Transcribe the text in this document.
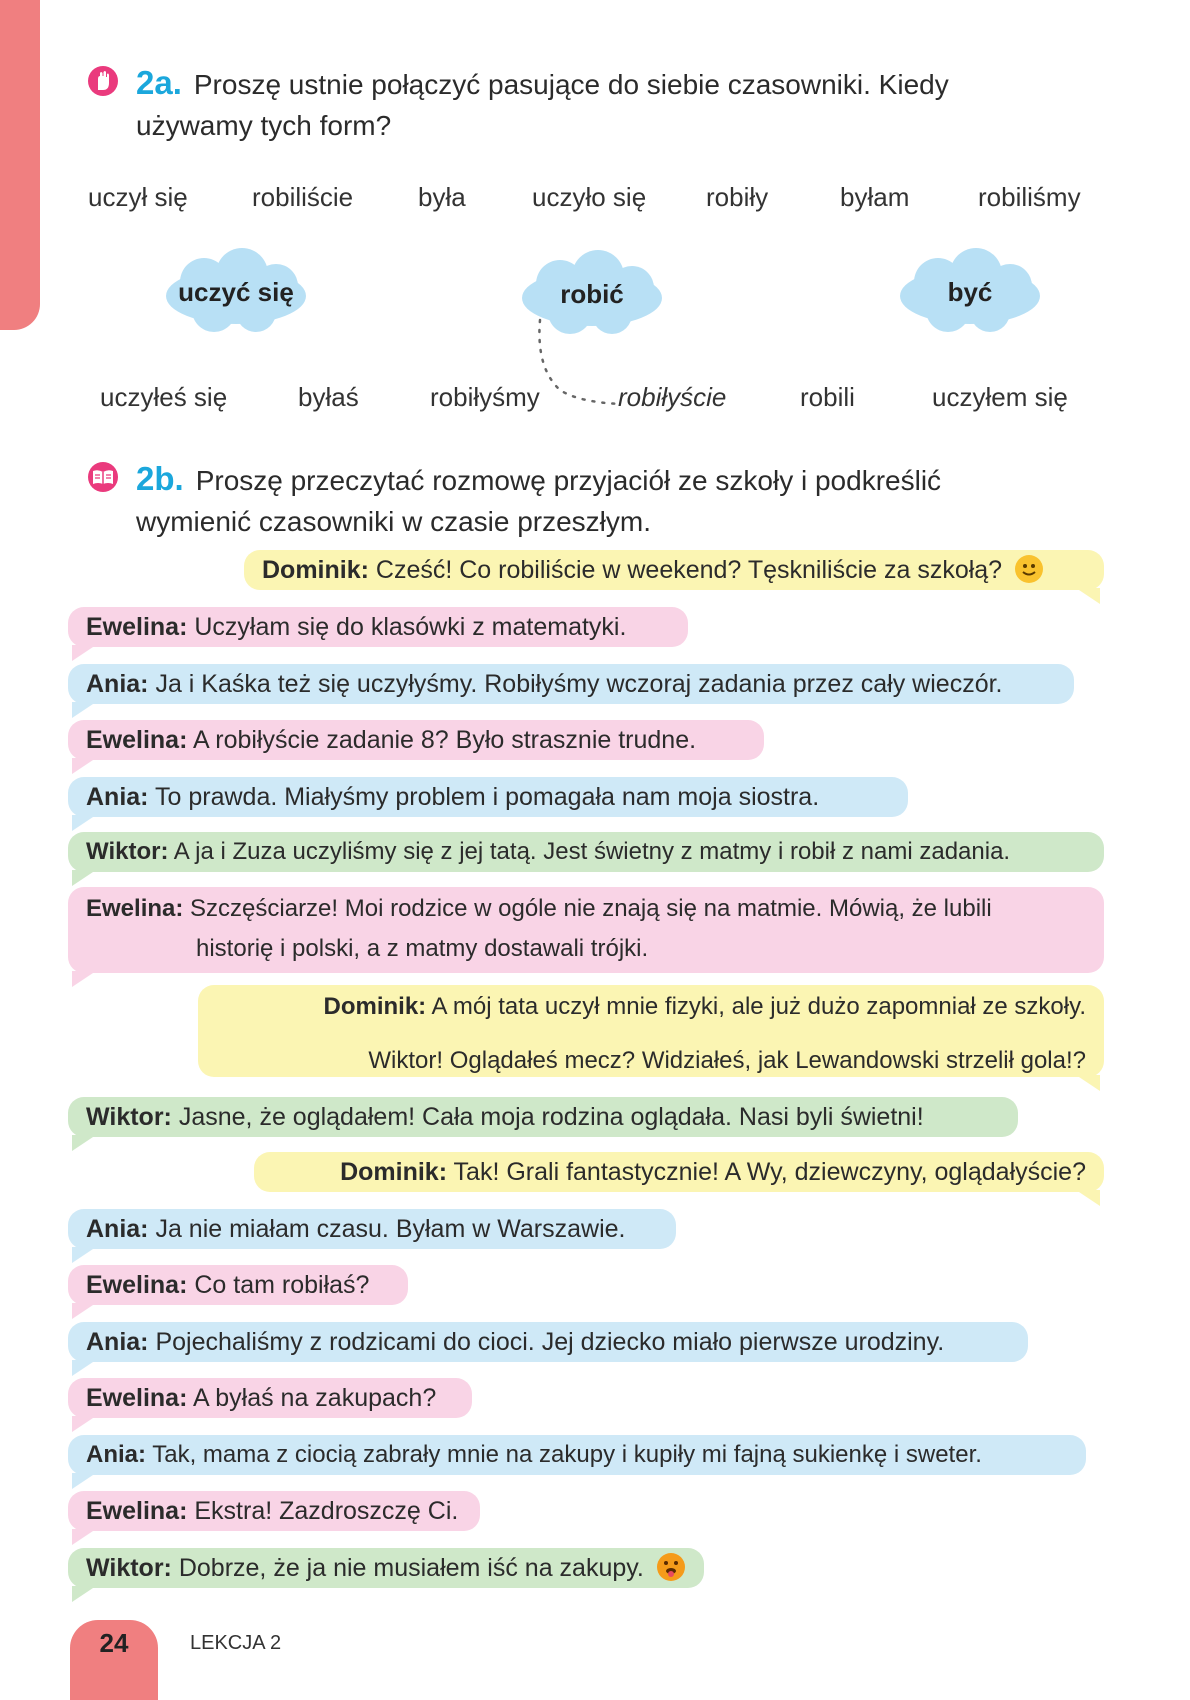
2a. Proszę ustnie połączyć pasujące do siebie czasowniki. Kiedy
używamy tych form?
uczył się robiliście była	uczyło się robiły	byłam	robiliśmy
uczyć się	robić	być
uczyłeś się	byłaś	robiłyśmy	robiłyście	robili	uczyłem się
2b. Proszę przeczytać rozmowę przyjaciół ze szkoły i podkreślić
wymienić czasowniki w czasie przeszłym.
Dominik: Cześć! Co robiliście w weekend? Tęskniliście za szkołą?
Ewelina: Uczyłam się do klasówki z matematyki.
Ania: Ja i Kaśka też się uczyłyśmy. Robiłyśmy wczoraj zadania przez cały wieczór.
Ewelina: A robiłyście zadanie 8? Było strasznie trudne.
Ania: To prawda. Miałyśmy problem i pomagała nam moja siostra.
Wiktor: A ja i Zuza uczyliśmy się z jej tatą. Jest świetny z matmy i robił z nami zadania.
Ewelina: Szczęściarze! Moi rodzice w ogóle nie znają się na matmie. Mówią, że lubili
historię i polski, a z matmy dostawali trójki.
Dominik: A mój tata uczył mnie fizyki, ale już dużo zapomniał ze szkoły.
Wiktor! Oglądałeś mecz? Widziałeś, jak Lewandowski strzelił gola!?
Wiktor: Jasne, że oglądałem! Cała moja rodzina oglądała. Nasi byli świetni!
Dominik: Tak! Grali fantastycznie! A Wy, dziewczyny, oglądałyście?
Ania: Ja nie miałam czasu. Byłam w Warszawie.
Ewelina: Co tam robiłaś?
Ania: Pojechaliśmy z rodzicami do cioci. Jej dziecko miało pierwsze urodziny.
Ewelina: A byłaś na zakupach?
Ania: Tak, mama z ciocią zabrały mnie na zakupy i kupiły mi fajną sukienkę i sweter.
Ewelina: Ekstra! Zazdroszczę Ci.
Wiktor: Dobrze, że ja nie musiałem iść na zakupy.
24	LEKCJA 2
